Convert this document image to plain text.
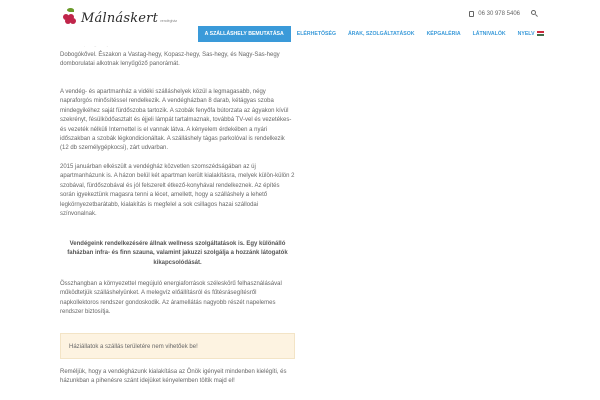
Málnáskert vendégház
06 30 978 5406
A SZÁLLÁSHELY BEMUTATÁSA	ELÉRHETŐSÉG	ÁRAK, SZOLGÁLTATÁSOK	KÉPGALÉRIA	LÁTNIVALÓK	NYELV

Dobogókővel. Északon a Vastag-hegy, Kopasz-hegy, Sas-hegy, és Nagy-Sas-hegy domborulatai alkotnak lenyűgöző panorámát.

A vendég- és apartmanház a vidéki szálláshelyek közül a legmagasabb, négy napraforgós minősítéssel rendelkezik. A vendégházban 8 darab, kétágyas szoba mindegyikéhez saját fürdőszoba tartozik. A szobák fenyőfa bútorzata az ágyakon kívül szekrényt, fésülködőasztalt és éjjeli lámpát tartalmaznak, továbbá TV-vel és vezetékes- és vezeték nélküli Internettel is el vannak látva. A kényelem érdekében a nyári időszakban a szobák légkondicionáltak. A szálláshely tágas parkolóval is rendelkezik (12 db személygépkocsi), zárt udvarban.

2015 januárban elkészült a vendégház közvetlen szomszédságában az új apartmanházunk is. A házon belül két apartman került kialakításra, melyek külön-külön 2 szobával, fürdőszobával és jól felszerelt étkező-konyhával rendelkeznek. Az építés során igyekeztünk magasra tenni a lécet, amellett, hogy a szálláshely a lehető legkörnyezetbarátabb, kialakítás is megfelel a sok csillagos hazai szállodai színvonalnak.

Vendégeink rendelkezésére állnak wellness szolgáltatások is. Egy különálló faházban infra- és finn szauna, valamint jakuzzi szolgálja a hozzánk látogatók kikapcsolódását.

Összhangban a környezettel megújuló energiaforrások széleskörű felhasználásával működtetjük szálláshelyünket. A melegvíz előállításról és fűtésrásegítésről napkollektoros rendszer gondoskodik. Az áramellátás nagyobb részét napelemes rendszer biztosítja.

Háziállatok a szállás területére nem vihetőek be!

Reméljük, hogy a vendégházunk kialakítása az Önök igényeit mindenben kielégíti, és házunkban a pihenésre szánt idejüket kényelemben töltik majd el!
